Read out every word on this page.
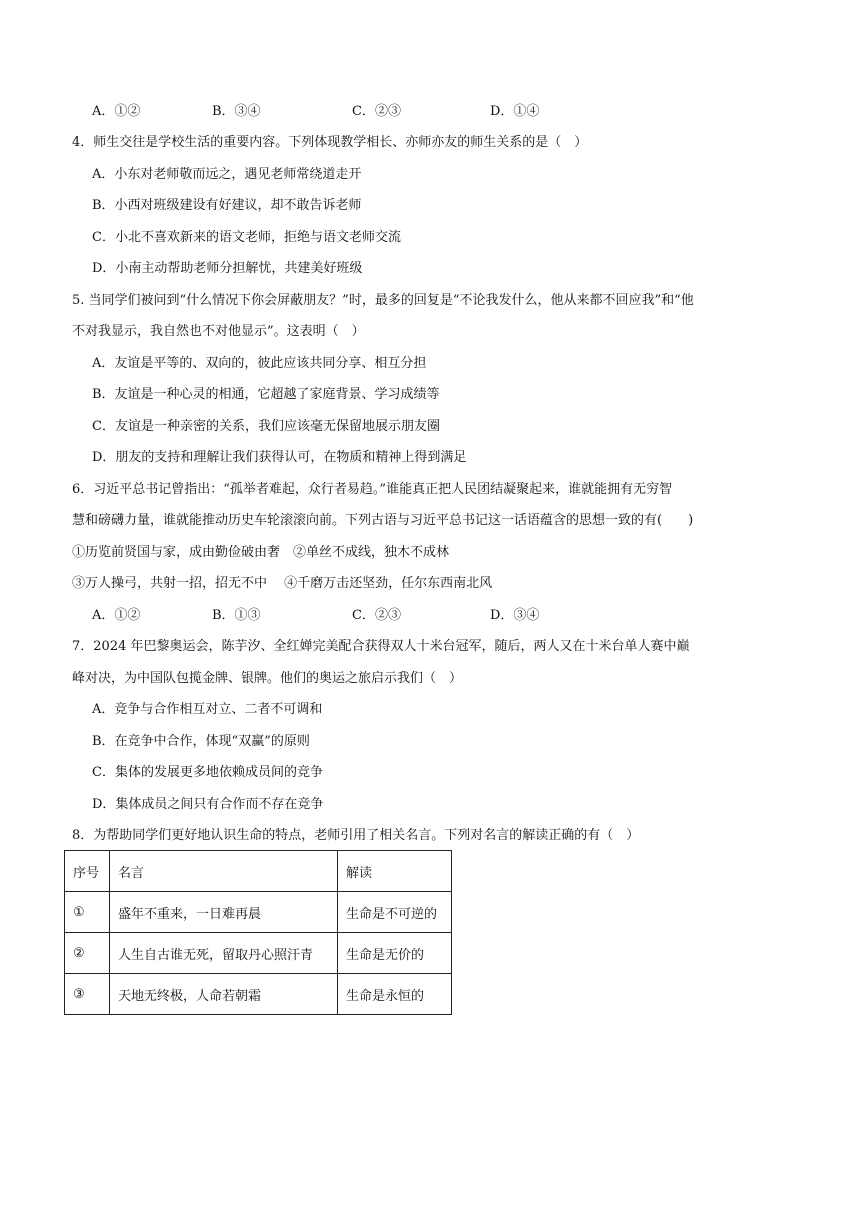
A．①②	B．③④	C．②③	D．①④
4．师生交往是学校生活的重要内容。下列体现教学相长、亦师亦友的师生关系的是（　）
A．小东对老师敬而远之，遇见老师常绕道走开
B．小西对班级建设有好建议，却不敢告诉老师
C．小北不喜欢新来的语文老师，拒绝与语文老师交流
D．小南主动帮助老师分担解忧，共建美好班级
5. 当同学们被问到“什么情况下你会屏蔽朋友？”时，最多的回复是“不论我发什么，他从来都不回应我”和“他
不对我显示，我自然也不对他显示”。这表明（　）
A．友谊是平等的、双向的，彼此应该共同分享、相互分担
B．友谊是一种心灵的相通，它超越了家庭背景、学习成绩等
C．友谊是一种亲密的关系，我们应该毫无保留地展示朋友圈
D．朋友的支持和理解让我们获得认可，在物质和精神上得到满足
6．习近平总书记曾指出：“孤举者难起，众行者易趋。”谁能真正把人民团结凝聚起来，谁就能拥有无穷智
慧和磅礴力量，谁就能推动历史车轮滚滚向前。下列古语与习近平总书记这一话语蕴含的思想一致的有(　　)
①历览前贤国与家，成由勤俭破由奢　②单丝不成线，独木不成林
③万人操弓，共射一招，招无不中　 ④千磨万击还坚劲，任尔东西南北风
A．①②	B．①③	C．②③	D．③④
7．2024 年巴黎奥运会，陈芋汐、全红婵完美配合获得双人十米台冠军，随后，两人又在十米台单人赛中巅
峰对决，为中国队包揽金牌、银牌。他们的奥运之旅启示我们（　）
A．竞争与合作相互对立、二者不可调和
B．在竞争中合作，体现“双赢”的原则
C．集体的发展更多地依赖成员间的竞争
D．集体成员之间只有合作而不存在竞争
8．为帮助同学们更好地认识生命的特点，老师引用了相关名言。下列对名言的解读正确的有（　）
序号	名言	解读
①	盛年不重来，一日难再晨	生命是不可逆的
②	人生自古谁无死，留取丹心照汗青	生命是无价的
③	天地无终极，人命若朝霜	生命是永恒的
